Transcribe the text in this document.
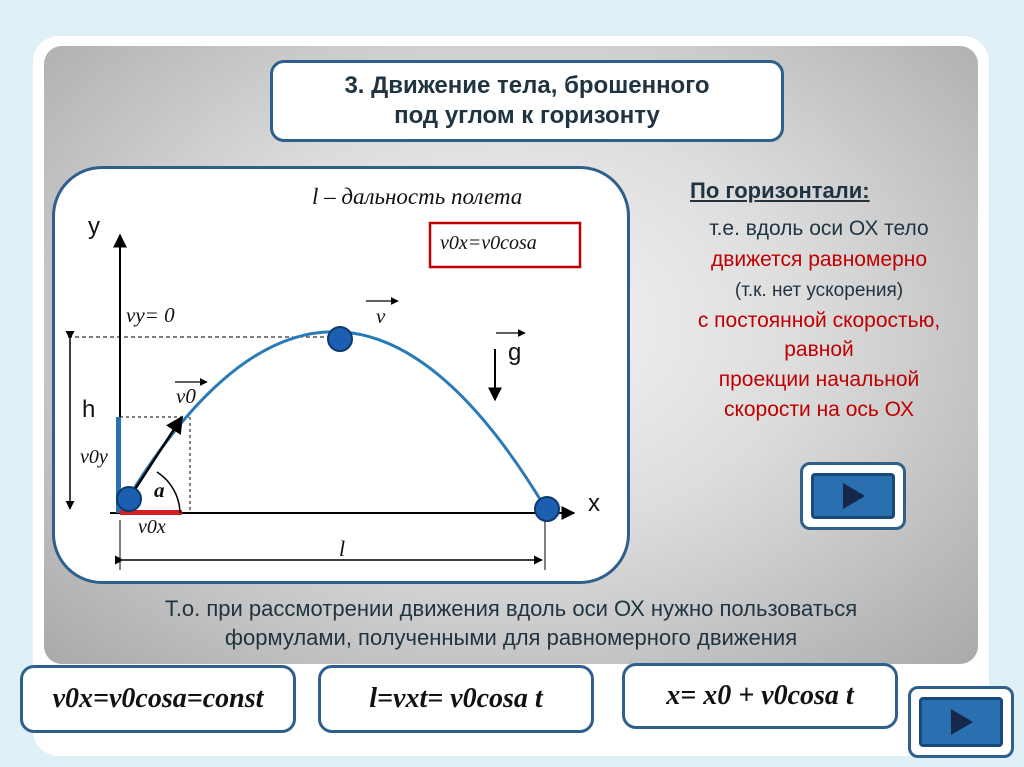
3. Движение тела, брошенного
под углом к горизонту
l – дальность полета
v0x=v0cosa
y
x
vy= 0	v
g
h	v0
v0y
v0x
a
l
По горизонтали:
т.е. вдоль оси ОХ тело
движется равномерно
(т.к. нет ускорения)
с постоянной скоростью,
равной
проекции начальной
скорости на ось ОХ
Т.о. при рассмотрении движения вдоль оси ОХ нужно пользоваться
формулами, полученными для равномерного движения
v0x=v0cosa=const	l=vxt= v0cosa t	x= x0 + v0cosa t
